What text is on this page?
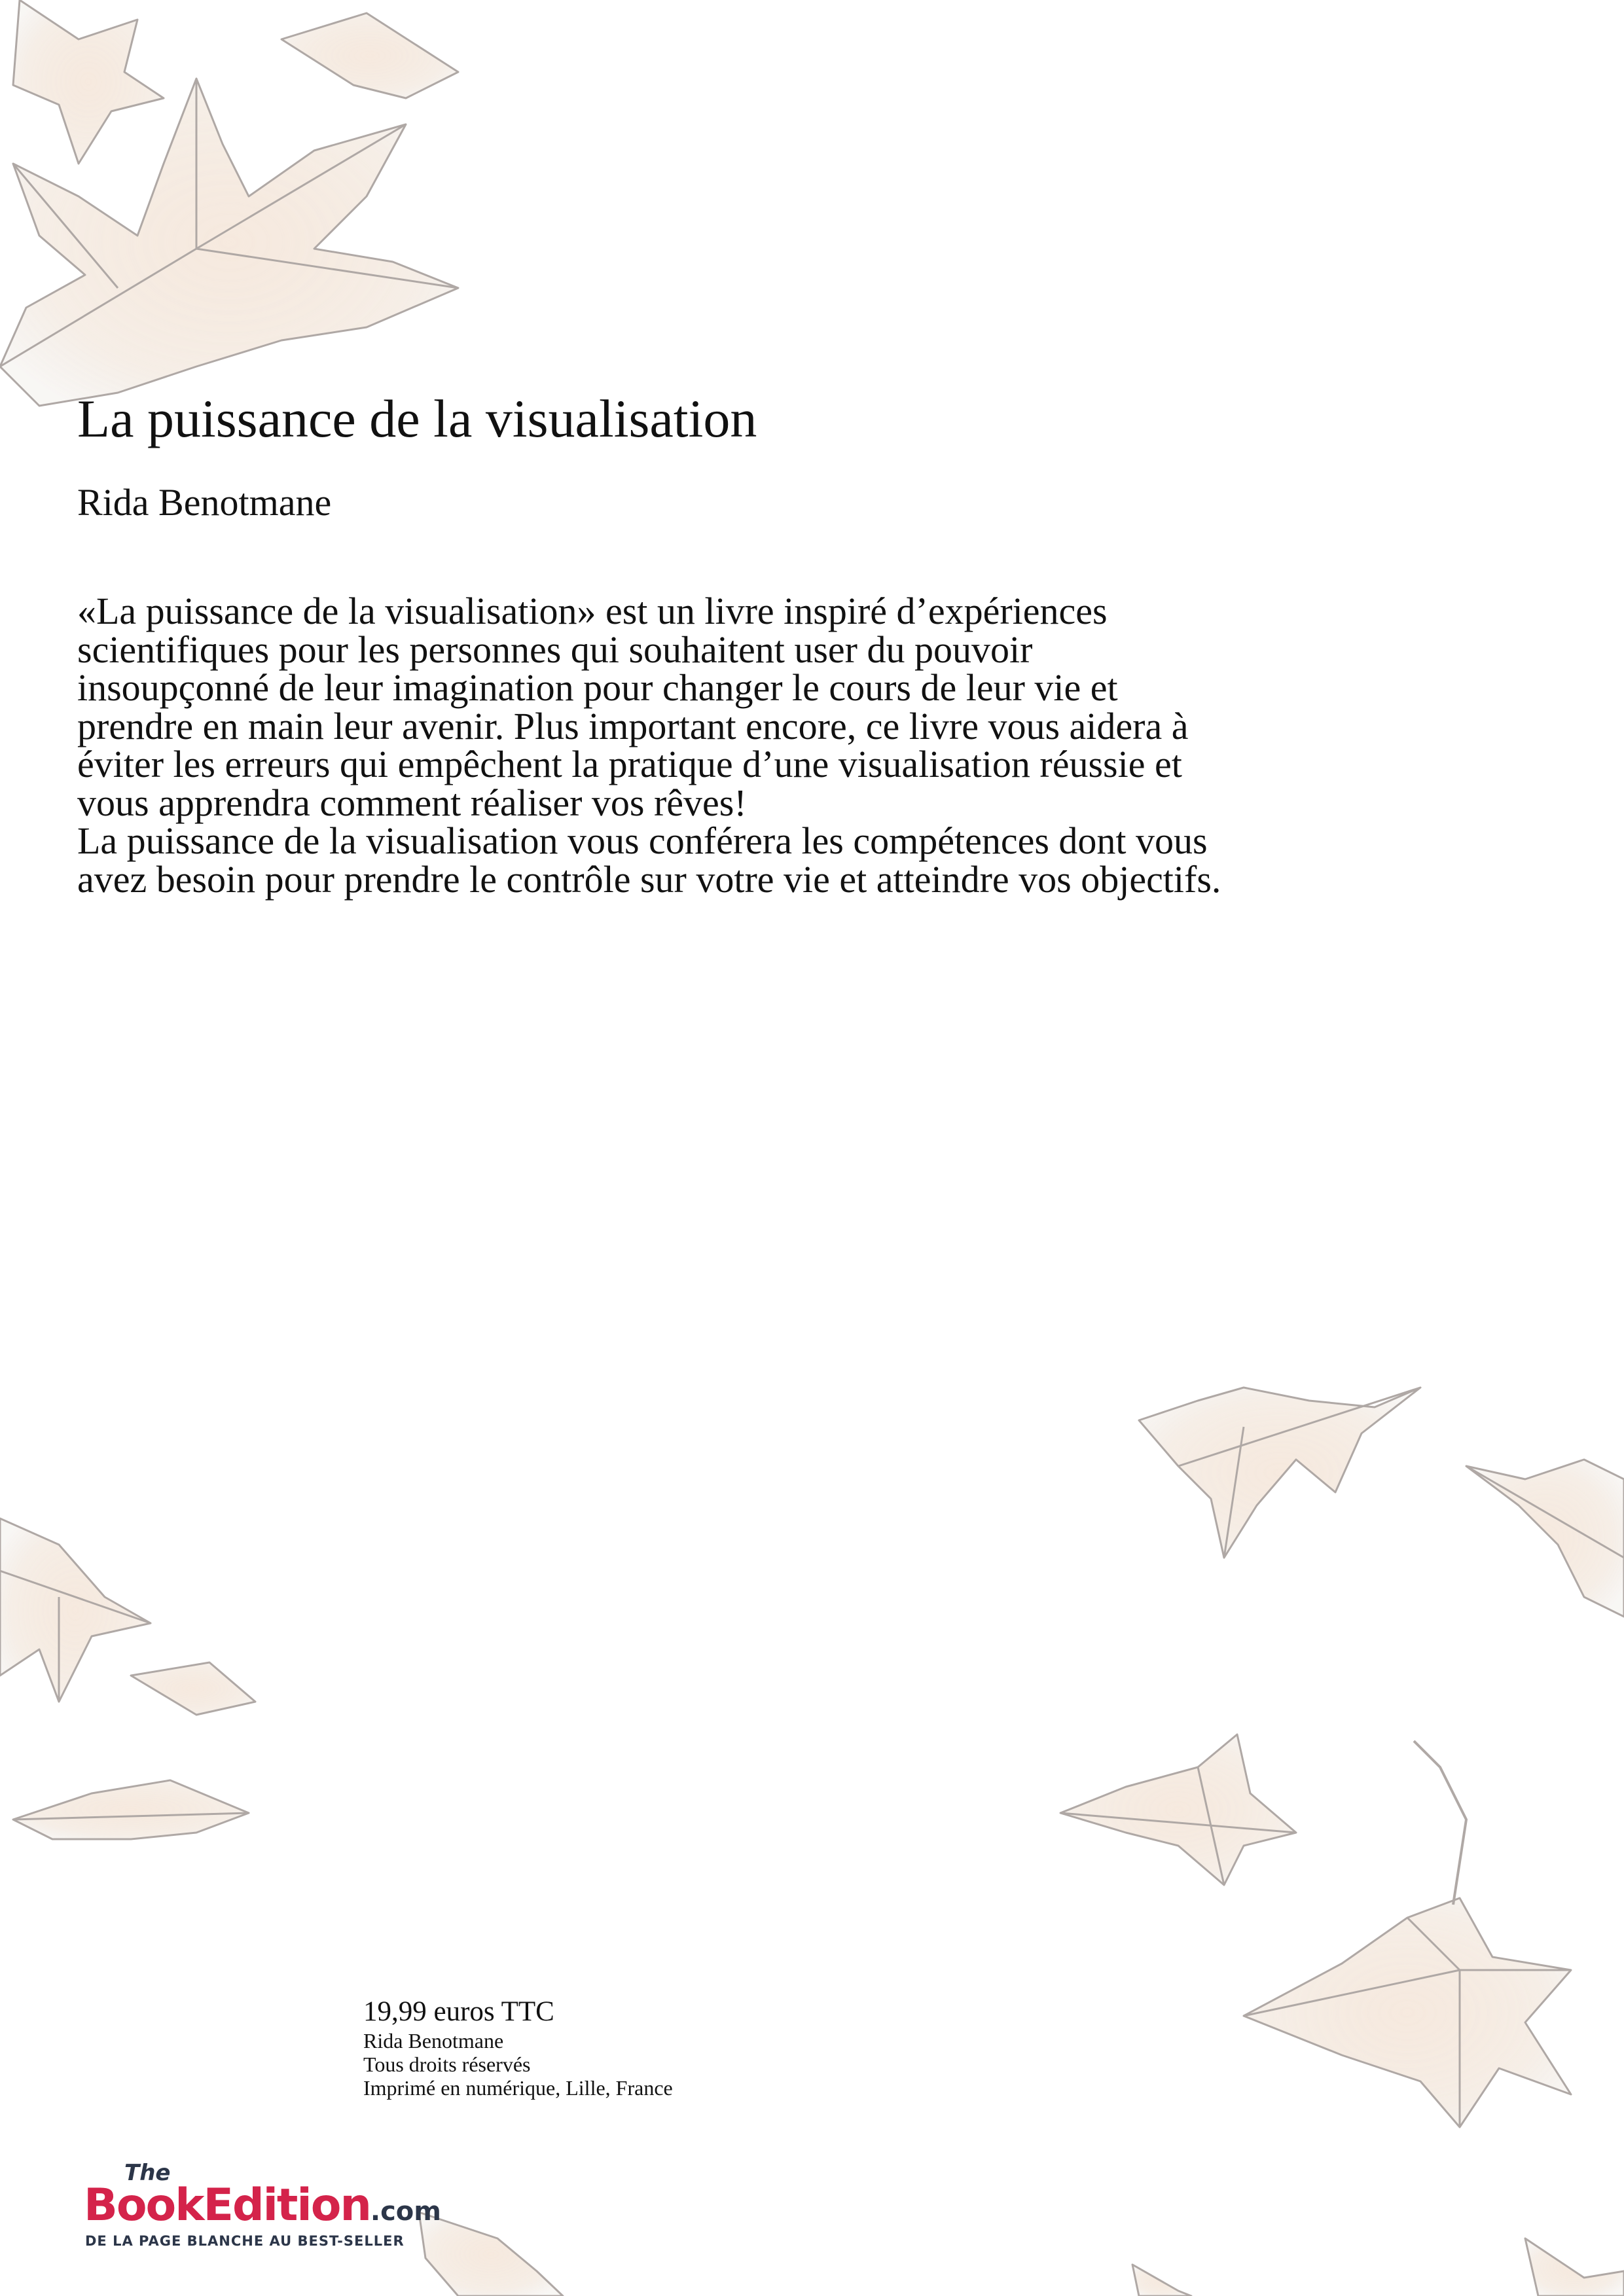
La puissance de la visualisation

Rida Benotmane

«La puissance de la visualisation» est un livre inspiré d’expériences scientifiques pour les personnes qui souhaitent user du pouvoir insoupçonné de leur imagination pour changer le cours de leur vie et prendre en main leur avenir. Plus important encore, ce livre vous aidera à éviter les erreurs qui empêchent la pratique d’une visualisation réussie et vous apprendra comment réaliser vos rêves!
La puissance de la visualisation vous conférera les compétences dont vous avez besoin pour prendre le contrôle sur votre vie et atteindre vos objectifs.
19,99 euros TTC
Rida Benotmane
Tous droits réservés
Imprimé en numérique, Lille, France
The
BookEdition.com
DE LA PAGE BLANCHE AU BEST-SELLER
